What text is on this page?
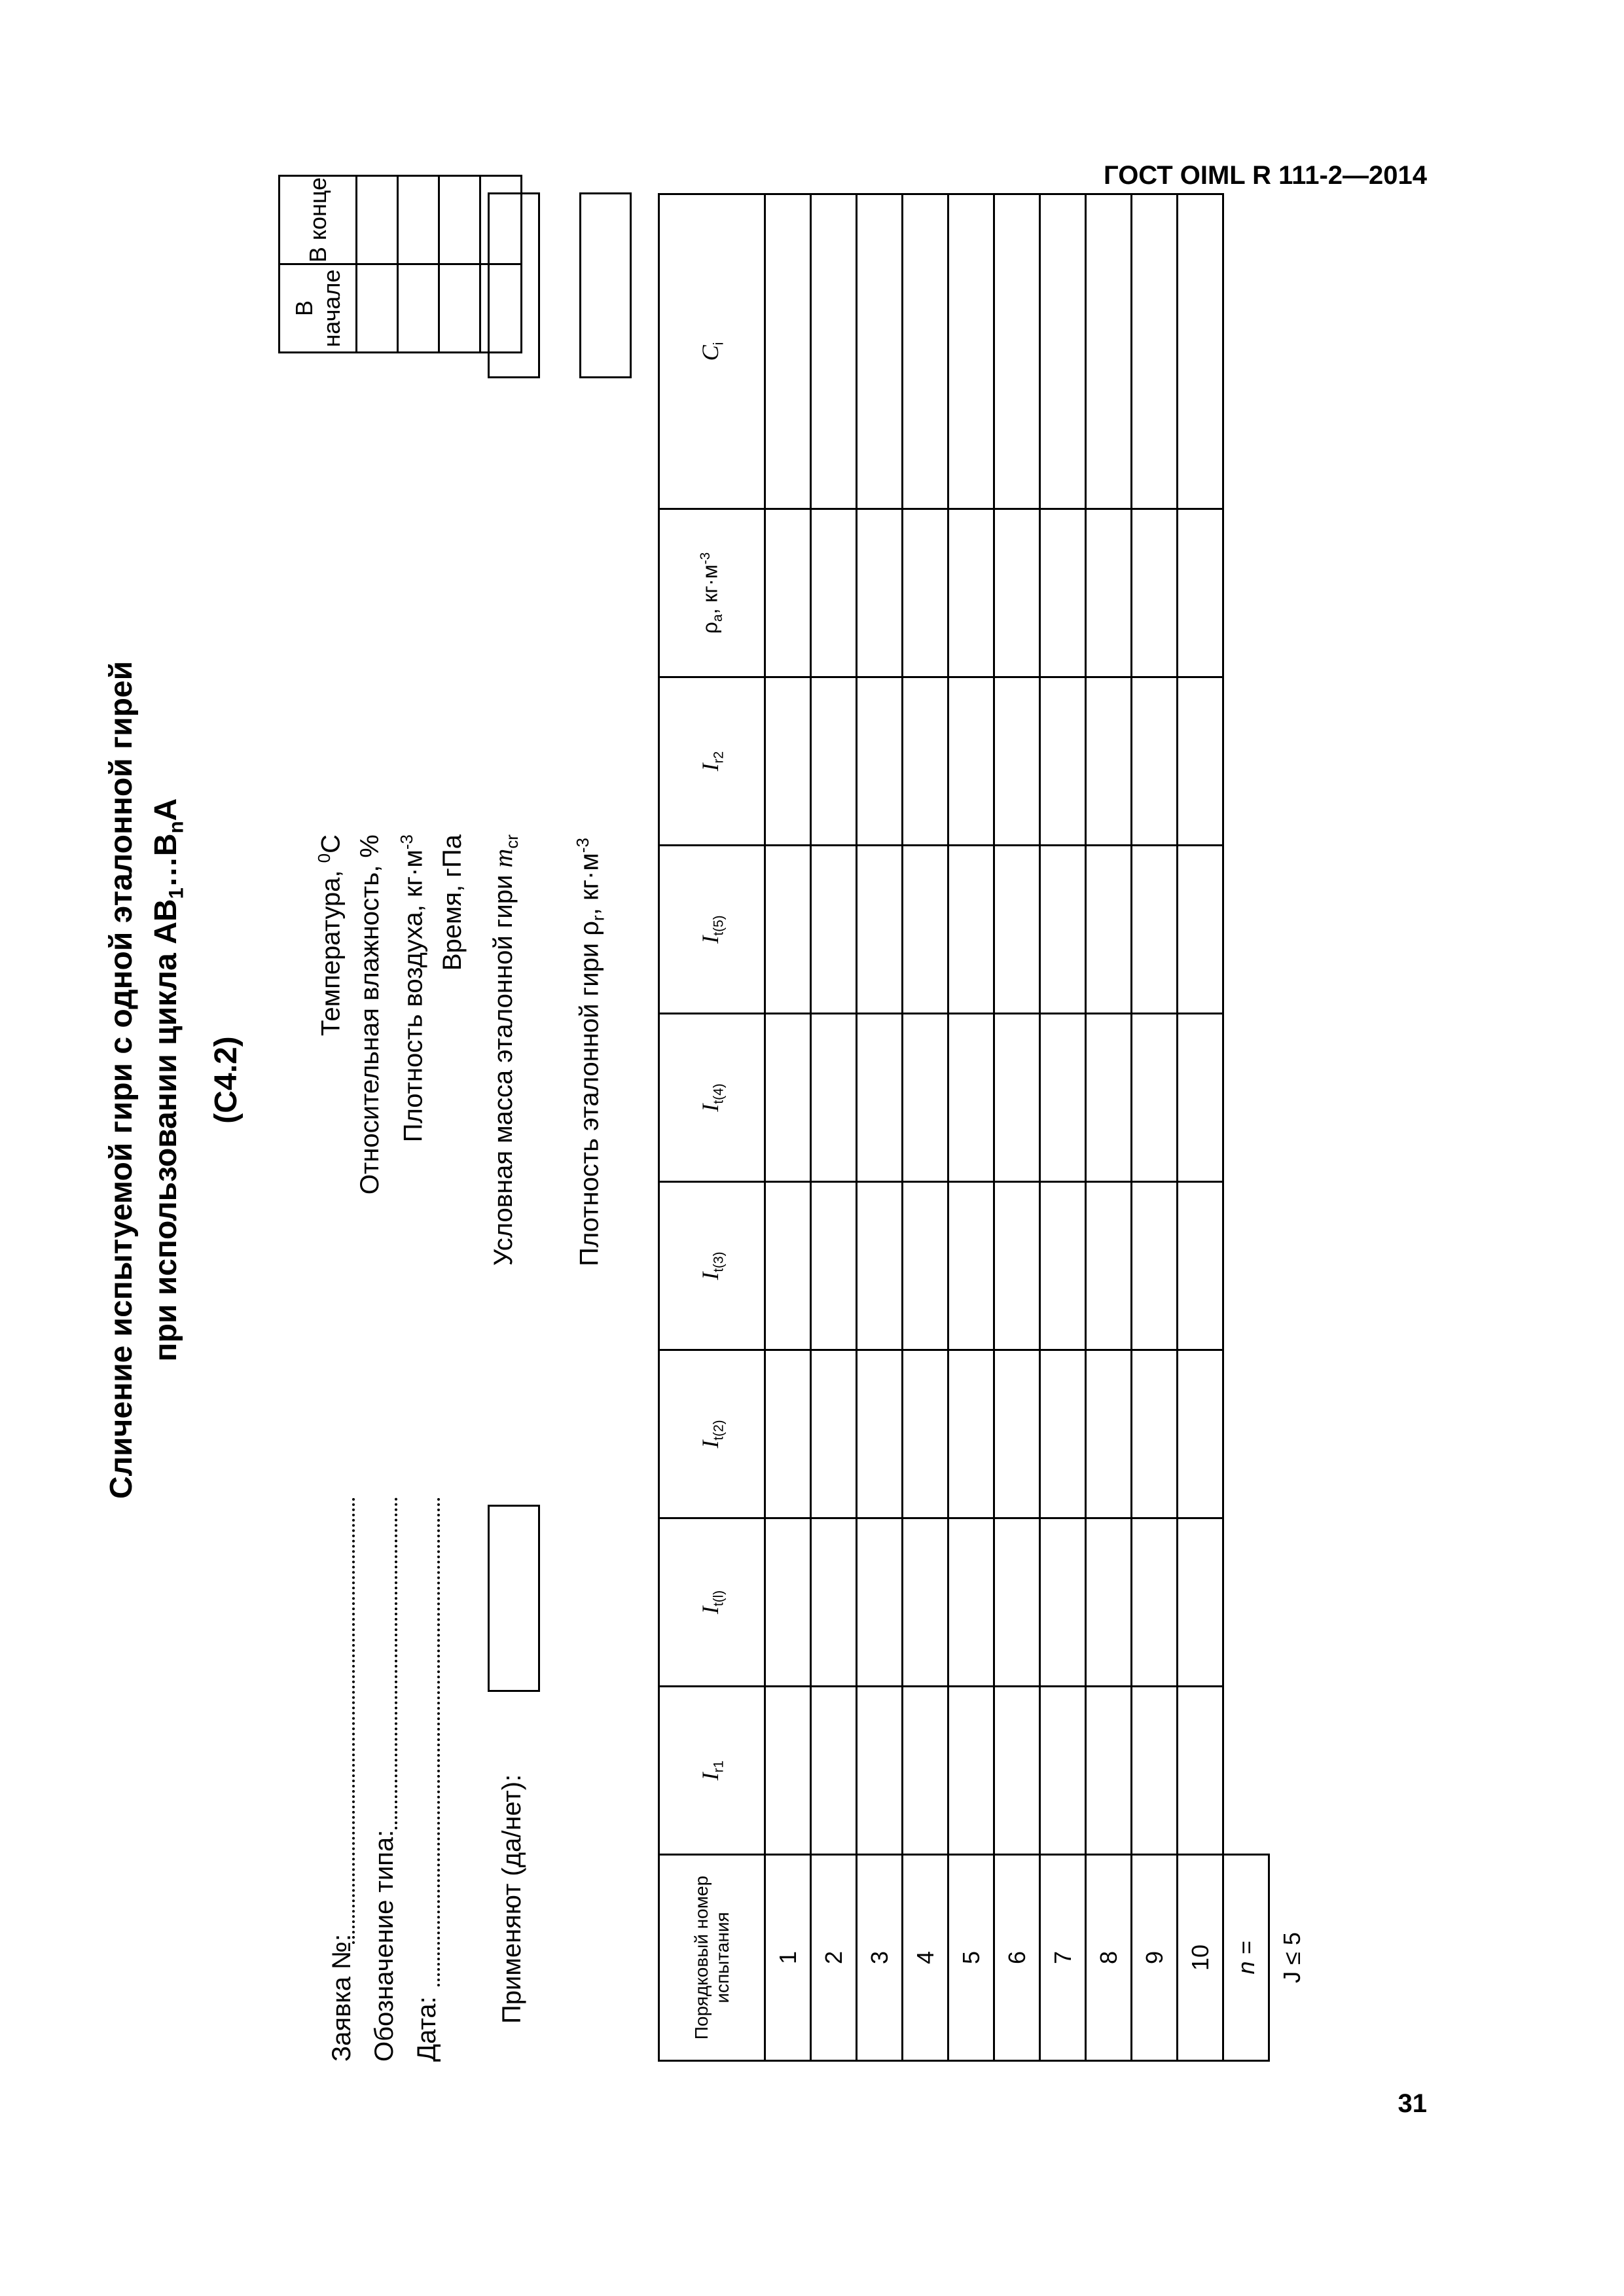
ГОСТ OIML R 111-2—2014
31
Сличение испытуемой гири с одной эталонной гирей при использовании цикла $АВ_1\dots В_nА$
(С4.2)
Заявка №: Обозначение типа: Дата:
Применяют (да/нет):
Температура, $^0$С Относительная влажность, % Плотность воздуха, $кг\cdot м^{-3}$ Время, гПа Условная масса эталонной гири $m_{cr}$
Плотность эталонной гири $\rho_r$, $кг\cdot м^{-3}$
В начале	В конце

Порядковый номер испытания	$I_{r1}$	$I_{t(l)}$	$I_{t(2)}$	$I_{t(3)}$	$I_{t(4)}$	$I_{t(5)}$	$I_{r2}$	$\rho_a$, $кг\cdot м^{-3}$	$C_i$
1									
2									
3									
4									
5									
6									
7									
8									
9									
10									
n =									
J ≤ 5									
